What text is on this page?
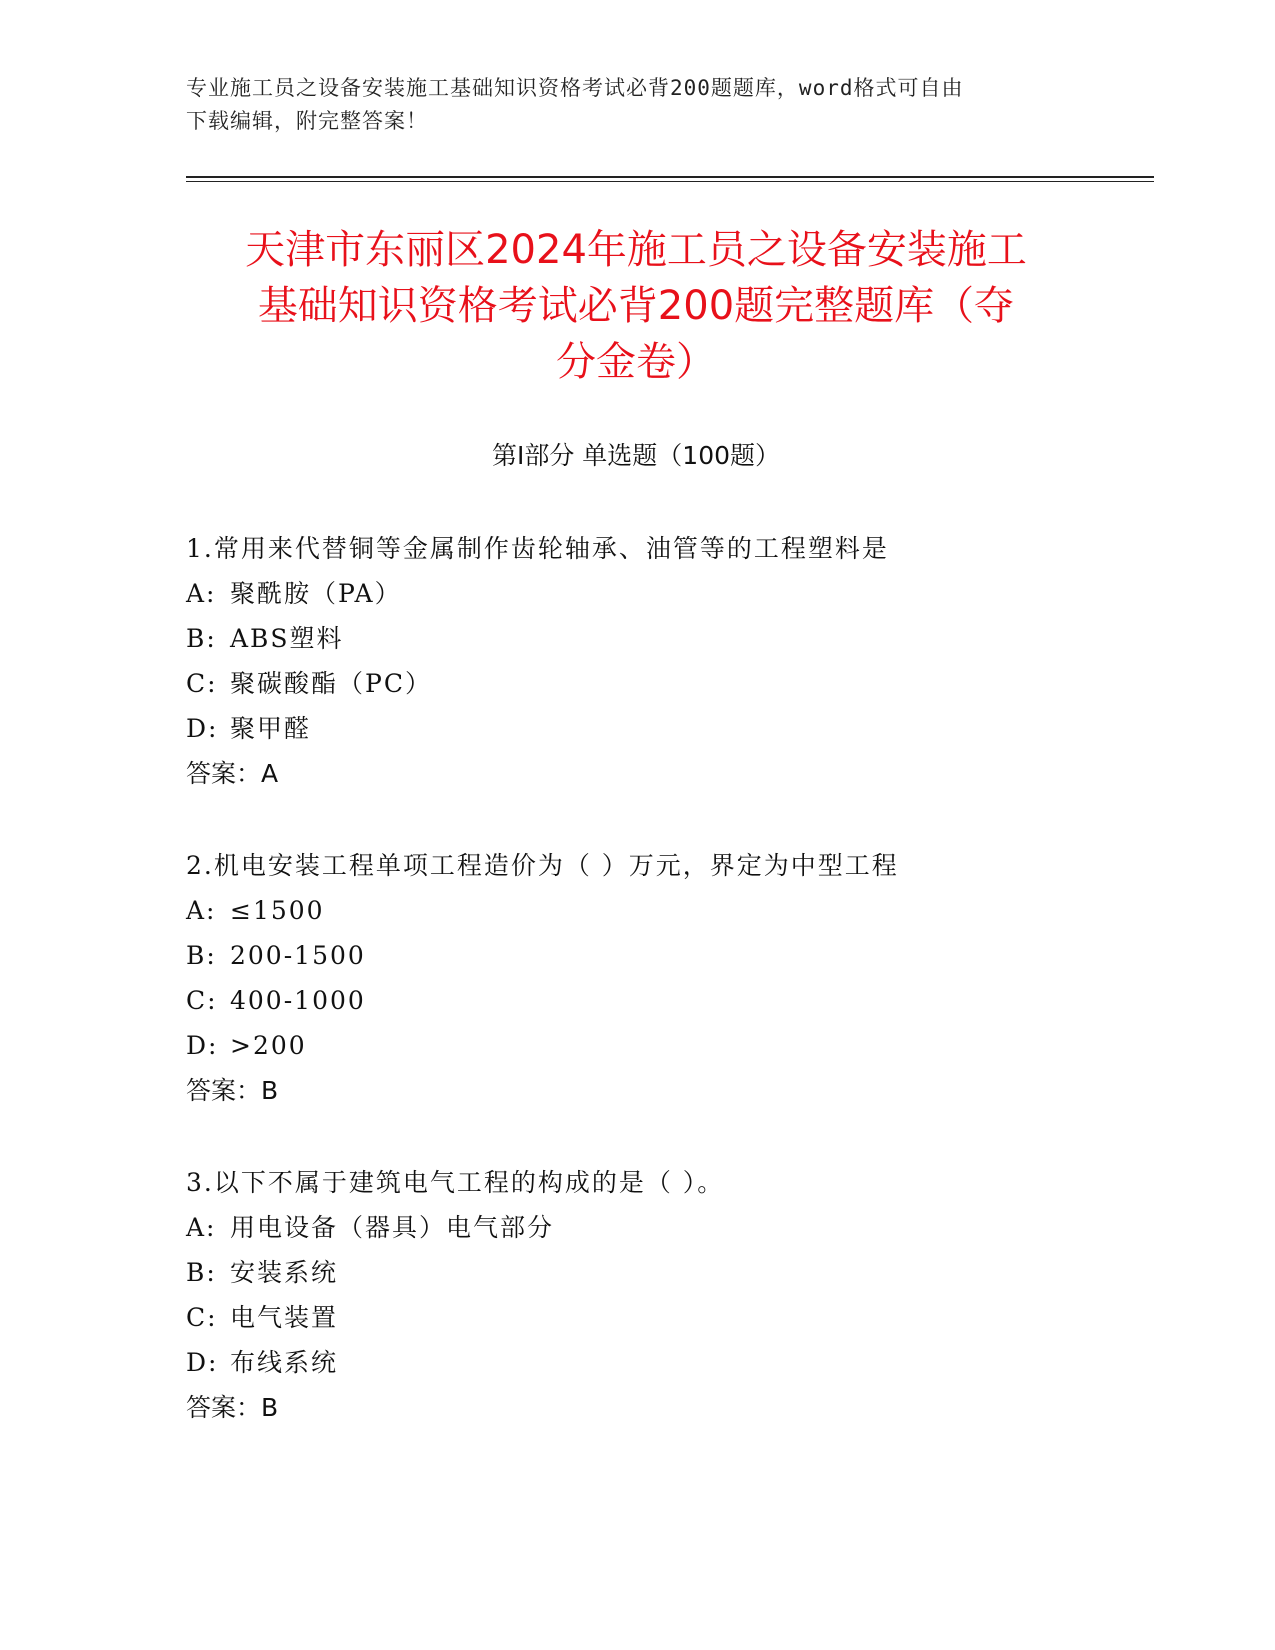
专业施工员之设备安装施工基础知识资格考试必背200题题库，word格式可自由
下载编辑，附完整答案！
天津市东丽区2024年施工员之设备安装施工
基础知识资格考试必背200题完整题库（夺
分金卷）
第I部分 单选题（100题）
1.常用来代替铜等金属制作齿轮轴承、油管等的工程塑料是
A: 聚酰胺（PA）
B: ABS塑料
C: 聚碳酸酯（PC）
D: 聚甲醛
答案：A
2.机电安装工程单项工程造价为（ ）万元，界定为中型工程
A: ≤1500
B: 200-1500
C: 400-1000
D: >200
答案：B
3.以下不属于建筑电气工程的构成的是（ ）。
A: 用电设备（器具）电气部分
B: 安装系统
C: 电气装置
D: 布线系统
答案：B
